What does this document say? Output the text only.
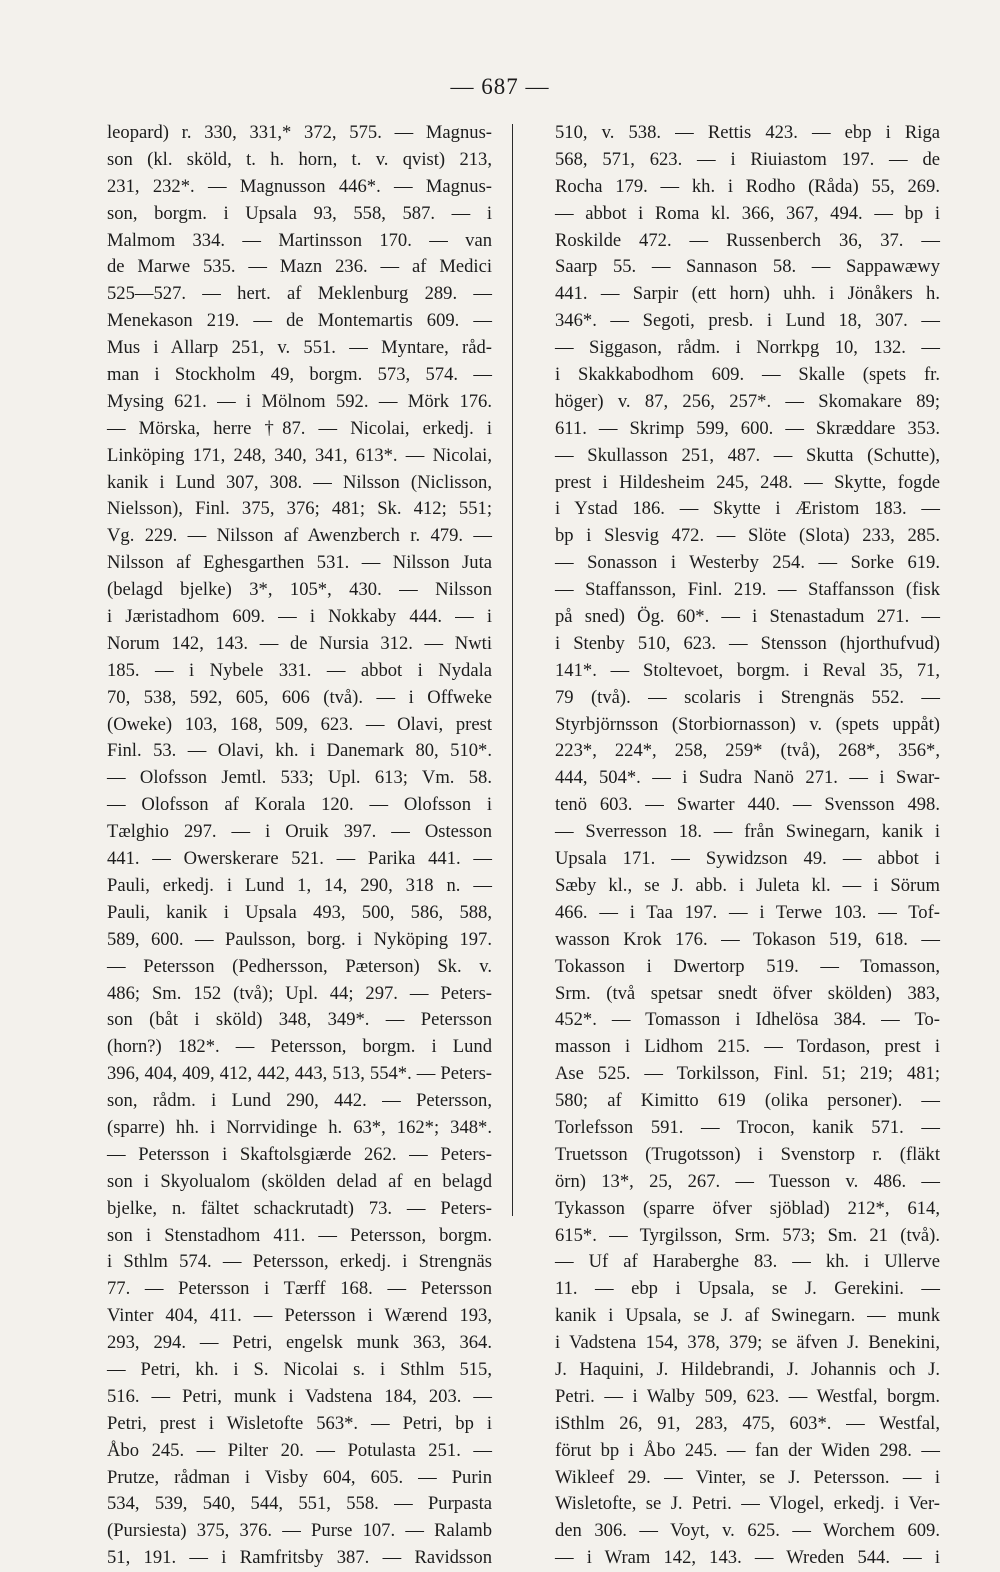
— 687 —
leopard) r. 330, 331,* 372, 575. — Magnus-
son (kl. sköld, t. h. horn, t. v. qvist) 213,
231, 232*. — Magnusson 446*. — Magnus-
son, borgm. i Upsala 93, 558, 587. — i
Malmom 334. — Martinsson 170. — van
de Marwe 535. — Mazn 236. — af Medici
525—527. — hert. af Meklenburg 289. —
Menekason 219. — de Montemartis 609. —
Mus i Allarp 251, v. 551. — Myntare, råd-
man i Stockholm 49, borgm. 573, 574. —
Mysing 621. — i Mölnom 592. — Mörk 176.
— Mörska, herre †87. — Nicolai, erkedj. i
Linköping 171, 248, 340, 341, 613*. — Nicolai,
kanik i Lund 307, 308. — Nilsson (Niclisson,
Nielsson), Finl. 375, 376; 481; Sk. 412; 551;
Vg. 229. — Nilsson af Awenzberch r. 479. —
Nilsson af Eghesgarthen 531. — Nilsson Juta
(belagd bjelke) 3*, 105*, 430. — Nilsson
i Jæristadhom 609. — i Nokkaby 444. — i
Norum 142, 143. — de Nursia 312. — Nwti
185. — i Nybele 331. — abbot i Nydala
70, 538, 592, 605, 606 (två). — i Offweke
(Oweke) 103, 168, 509, 623. — Olavi, prest
Finl. 53. — Olavi, kh. i Danemark 80, 510*.
— Olofsson Jemtl. 533; Upl. 613; Vm. 58.
— Olofsson af Korala 120. — Olofsson i
Tælghio 297. — i Oruik 397. — Ostesson
441. — Owerskerare 521. — Parika 441. —
Pauli, erkedj. i Lund 1, 14, 290, 318 n. —
Pauli, kanik i Upsala 493, 500, 586, 588,
589, 600. — Paulsson, borg. i Nyköping 197.
— Petersson (Pedhersson, Pæterson) Sk. v.
486; Sm. 152 (två); Upl. 44; 297. — Peters-
son (båt i sköld) 348, 349*. — Petersson
(horn?) 182*. — Petersson, borgm. i Lund
396, 404, 409, 412, 442, 443, 513, 554*. — Peters-
son, rådm. i Lund 290, 442. — Petersson,
(sparre) hh. i Norrvidinge h. 63*, 162*; 348*.
— Petersson i Skaftolsgiærde 262. — Peters-
son i Skyolualom (skölden delad af en belagd
bjelke, n. fältet schackrutadt) 73. — Peters-
son i Stenstadhom 411. — Petersson, borgm.
i Sthlm 574. — Petersson, erkedj. i Strengnäs
77. — Petersson i Tærff 168. — Petersson
Vinter 404, 411. — Petersson i Wærend 193,
293, 294. — Petri, engelsk munk 363, 364.
— Petri, kh. i S. Nicolai s. i Sthlm 515,
516. — Petri, munk i Vadstena 184, 203. —
Petri, prest i Wisletofte 563*. — Petri, bp i
Åbo 245. — Pilter 20. — Potulasta 251. —
Prutze, rådman i Visby 604, 605. — Purin
534, 539, 540, 544, 551, 558. — Purpasta
(Pursiesta) 375, 376. — Purse 107. — Ralamb
51, 191. — i Ramfritsby 387. — Ravidsson
510, v. 538. — Rettis 423. — ebp i Riga
568, 571, 623. — i Riuiastom 197. — de
Rocha 179. — kh. i Rodho (Råda) 55, 269.
— abbot i Roma kl. 366, 367, 494. — bp i
Roskilde 472. — Russenberch 36, 37. —
Saarp 55. — Sannason 58. — Sappawæwy
441. — Sarpir (ett horn) uhh. i Jönåkers h.
346*. — Segoti, presb. i Lund 18, 307. —
— Siggason, rådm. i Norrkpg 10, 132. —
i Skakkabodhom 609. — Skalle (spets fr.
höger) v. 87, 256, 257*. — Skomakare 89;
611. — Skrimp 599, 600. — Skræddare 353.
— Skullasson 251, 487. — Skutta (Schutte),
prest i Hildesheim 245, 248. — Skytte, fogde
i Ystad 186. — Skytte i Æristom 183. —
bp i Slesvig 472. — Slöte (Slota) 233, 285.
— Sonasson i Westerby 254. — Sorke 619.
— Staffansson, Finl. 219. — Staffansson (fisk
på sned) Ög. 60*. — i Stenastadum 271. —
i Stenby 510, 623. — Stensson (hjorthufvud)
141*. — Stoltevoet, borgm. i Reval 35, 71,
79 (två). — scolaris i Strengnäs 552. —
Styrbjörnsson (Storbiornasson) v. (spets uppåt)
223*, 224*, 258, 259* (två), 268*, 356*,
444, 504*. — i Sudra Nanö 271. — i Swar-
tenö 603. — Swarter 440. — Svensson 498.
— Sverresson 18. — från Swinegarn, kanik i
Upsala 171. — Sywidzson 49. — abbot i
Sæby kl., se J. abb. i Juleta kl. — i Sörum
466. — i Taa 197. — i Terwe 103. — Tof-
wasson Krok 176. — Tokason 519, 618. —
Tokasson i Dwertorp 519. — Tomasson,
Srm. (två spetsar snedt öfver skölden) 383,
452*. — Tomasson i Idhelösa 384. — To-
masson i Lidhom 215. — Tordason, prest i
Ase 525. — Torkilsson, Finl. 51; 219; 481;
580; af Kimitto 619 (olika personer). —
Torlefsson 591. — Trocon, kanik 571. —
Truetsson (Trugotsson) i Svenstorp r. (fläkt
örn) 13*, 25, 267. — Tuesson v. 486. —
Tykasson (sparre öfver sjöblad) 212*, 614,
615*. — Tyrgilsson, Srm. 573; Sm. 21 (två).
— Uf af Haraberghe 83. — kh. i Ullerve
11. — ebp i Upsala, se J. Gerekini. —
kanik i Upsala, se J. af Swinegarn. — munk
i Vadstena 154, 378, 379; se äfven J. Benekini,
J. Haquini, J. Hildebrandi, J. Johannis och J.
Petri. — i Walby 509, 623. — Westfal, borgm.
iSthlm 26, 91, 283, 475, 603*. — Westfal,
förut bp i Åbo 245. — fan der Widen 298. —
Wikleef 29. — Vinter, se J. Petersson. — i
Wisletofte, se J. Petri. — Vlogel, erkedj. i Ver-
den 306. — Voyt, v. 625. — Worchem 609.
— i Wram 142, 143. — Wreden 544. — i
